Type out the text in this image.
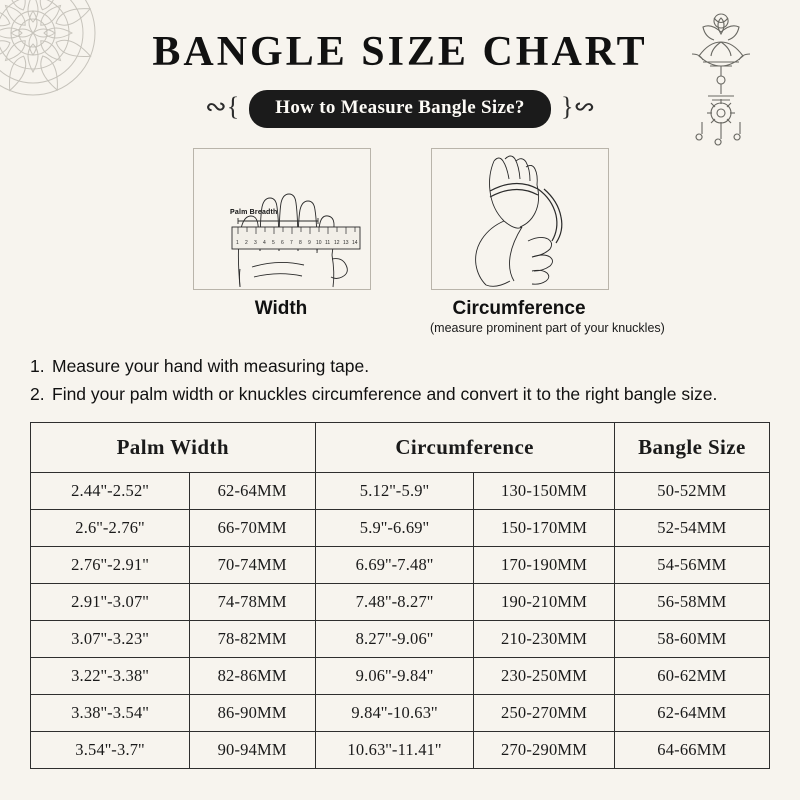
BANGLE SIZE CHART
∾{	How to Measure Bangle Size?	∾{
1 2 3 4 5 6 7 8 9 10 11 12 13 14
Palm Breadth
Width	Circumference
(measure prominent part of your knuckles)
1. Measure your hand with measuring tape.
2. Find your palm width or knuckles circumference and convert it to the right bangle size.
Palm Width		Circumference		Bangle Size
2.44''-2.52''	62-64MM	5.12''-5.9''	130-150MM	50-52MM
2.6''-2.76''	66-70MM	5.9''-6.69''	150-170MM	52-54MM
2.76''-2.91''	70-74MM	6.69''-7.48''	170-190MM	54-56MM
2.91''-3.07''	74-78MM	7.48''-8.27''	190-210MM	56-58MM
3.07''-3.23''	78-82MM	8.27''-9.06''	210-230MM	58-60MM
3.22''-3.38''	82-86MM	9.06''-9.84''	230-250MM	60-62MM
3.38''-3.54''	86-90MM	9.84''-10.63''	250-270MM	62-64MM
3.54''-3.7''	90-94MM	10.63''-11.41''	270-290MM	64-66MM
